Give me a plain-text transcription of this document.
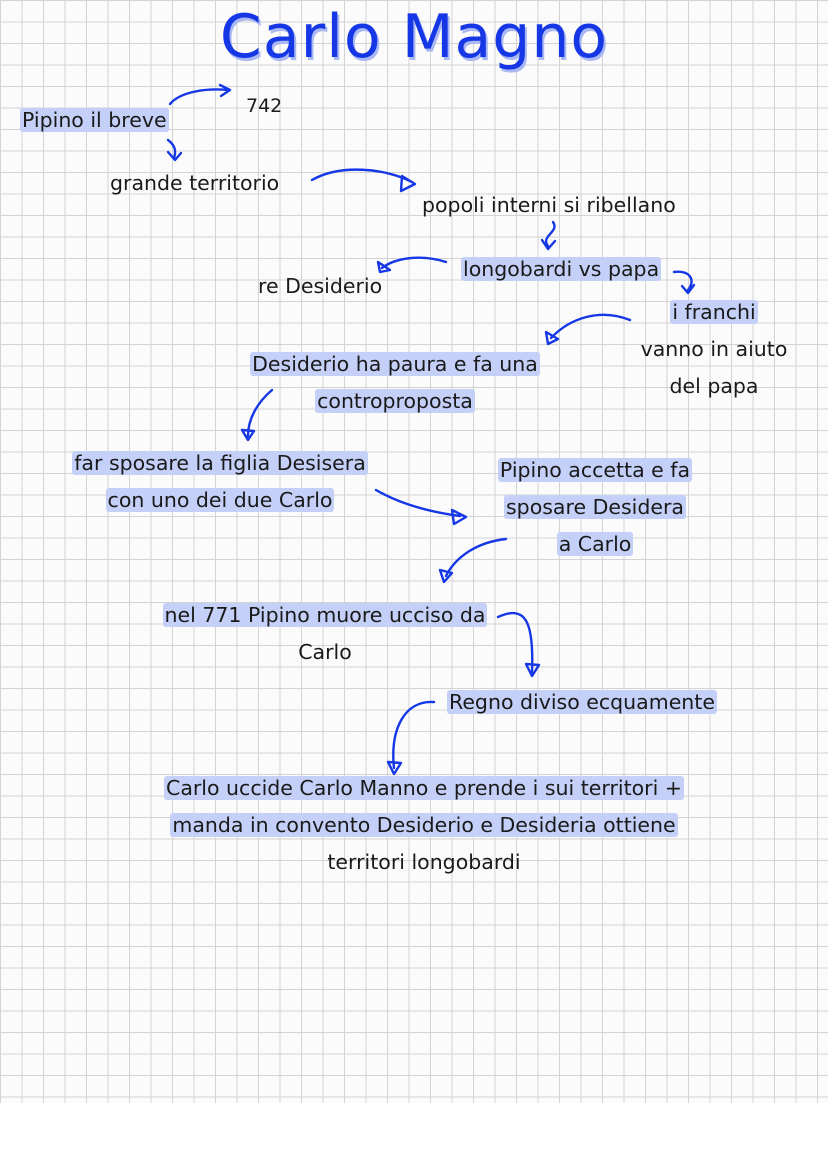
Carlo Magno
Pipino il breve
742
grande territorio
popoli interni si ribellano
longobardi vs papa
re Desiderio
i franchi
vanno in aiuto
del papa
Desiderio ha paura e fa una
controproposta
far sposare la figlia Desisera
con uno dei due Carlo
Pipino accetta e fa
sposare Desidera
a Carlo
nel 771 Pipino muore ucciso da
Carlo
Regno diviso ecquamente
Carlo uccide Carlo Manno e prende i sui territori +
manda in convento Desiderio e Desideria ottiene
territori longobardi
